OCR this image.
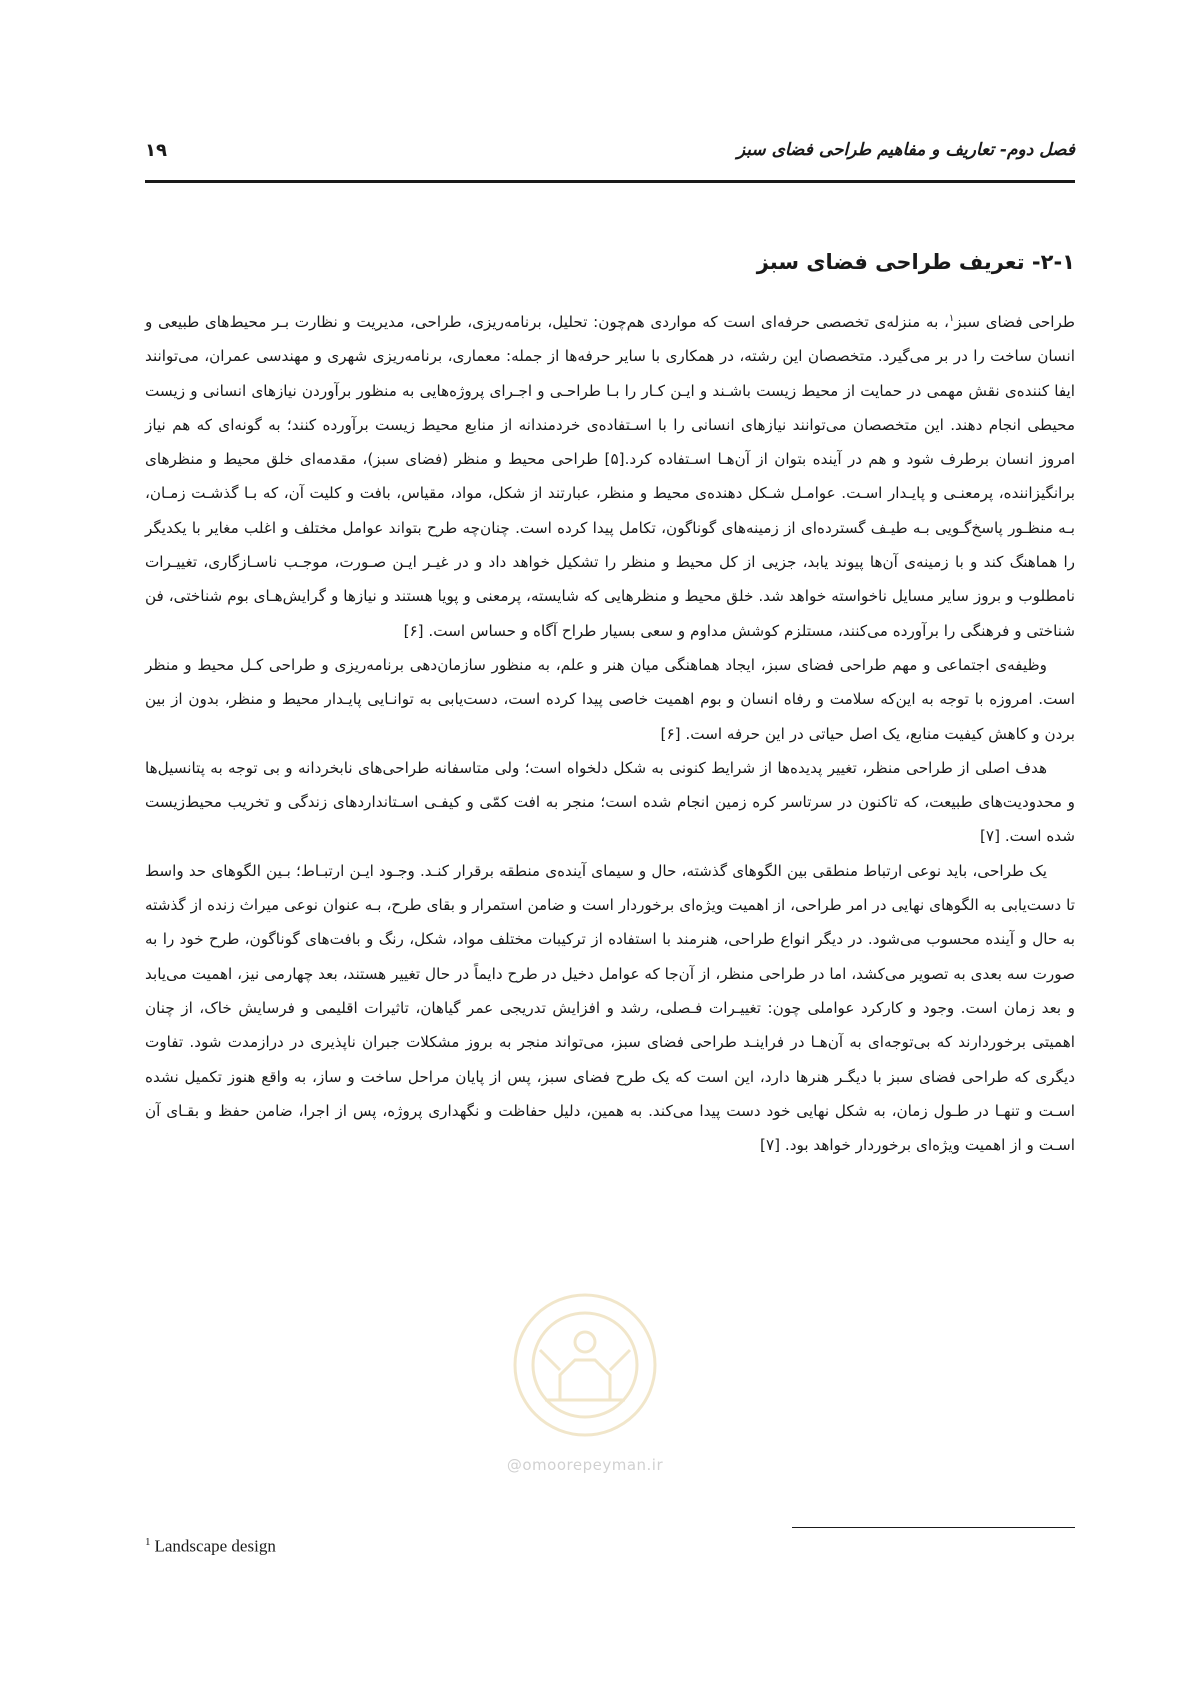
فصل دوم- تعاریف و مفاهیم طراحی فضای سبز
۱۹
۲-۱- تعریف طراحی فضای سبز

طراحی فضای سبز$^۱$، به منزله‌ی تخصصی حرفه‌ای است که مواردی هم‌چون: تحلیل، برنامه‌ریزی، طراحی، مدیریت و نظارت بـر محیط‌های طبیعی و انسان ساخت را در بر می‌گیرد. متخصصان این رشته، در همکاری با سایر حرفه‌ها از جمله: معماری، برنامه‌ریزی شهری و مهندسی عمران، می‌توانند ایفا کننده‌ی نقش مهمی در حمایت از محیط زیست باشـند و ایـن کـار را بـا طراحـی و اجـرای پروژه‌هایی به منظور برآوردن نیازهای انسانی و زیست محیطی انجام دهند. این متخصصان می‌توانند نیازهای انسانی را با اسـتفاده‌ی خردمندانه از منابع محیط زیست برآورده کنند؛ به گونه‌ای که هم نیاز امروز انسان برطرف شود و هم در آینده بتوان از آن‌هـا اسـتفاده کرد.[۵] طراحی محیط و منظر (فضای سبز)، مقدمه‌ای خلق محیط و منظرهای برانگیزاننده، پرمعنـی و پایـدار اسـت. عوامـل شـکل دهنده‌ی محیط و منظر، عبارتند از شکل، مواد، مقیاس، بافت و کلیت آن، که بـا گذشـت زمـان، بـه منظـور پاسخ‌گـویی بـه طیـف گسترده‌ای از زمینه‌های گوناگون، تکامل پیدا کرده است. چنان‌چه طرح بتواند عوامل مختلف و اغلب مغایر با یکدیگر را هماهنگ کند و با زمینه‌ی آن‌ها پیوند یابد، جزیی از کل محیط و منظر را تشکیل خواهد داد و در غیـر ایـن صـورت، موجـب ناسـازگاری، تغییـرات نامطلوب و بروز سایر مسایل ناخواسته خواهد شد. خلق محیط و منظرهایی که شایسته، پرمعنی و پویا هستند و نیازها و گرایش‌هـای بوم شناختی، فن شناختی و فرهنگی را برآورده می‌کنند، مستلزم کوشش مداوم و سعی بسیار طراح آگاه و حساس است. [۶]

وظیفه‌ی اجتماعی و مهم طراحی فضای سبز، ایجاد هماهنگی میان هنر و علم، به منظور سازمان‌دهی برنامه‌ریزی و طراحی کـل محیط و منظر است. امروزه با توجه به این‌که سلامت و رفاه انسان و بوم اهمیت خاصی پیدا کرده است، دست‌یابی به توانـایی پایـدار محیط و منظر، بدون از بین بردن و کاهش کیفیت منابع، یک اصل حیاتی در این حرفه است. [۶]

هدف اصلی از طراحی منظر، تغییر پدیده‌ها از شرایط کنونی به شکل دلخواه است؛ ولی متاسفانه طراحی‌های نابخردانه و بی توجه به پتانسیل‌ها و محدودیت‌های طبیعت، که تاکنون در سرتاسر کره زمین انجام شده است؛ منجر به افت کمّی و کیفـی اسـتانداردهای زندگی و تخریب محیط‌زیست شده است. [۷]

یک طراحی، باید نوعی ارتباط منطقی بین الگوهای گذشته، حال و سیمای آینده‌ی منطقه برقرار کنـد. وجـود ایـن ارتبـاط؛ بـین الگوهای حد واسط تا دست‌یابی به الگوهای نهایی در امر طراحی، از اهمیت ویژه‌ای برخوردار است و ضامن استمرار و بقای طرح، بـه عنوان نوعی میراث زنده از گذشته به حال و آینده محسوب می‌شود. در دیگر انواع طراحی، هنرمند با استفاده از ترکیبات مختلف مواد، شکل، رنگ و بافت‌های گوناگون، طرح خود را به صورت سه بعدی به تصویر می‌کشد، اما در طراحی منظر، از آن‌جا که عوامل دخیل در طرح دایماً در حال تغییر هستند، بعد چهارمی نیز، اهمیت می‌یابد و بعد زمان است. وجود و کارکرد عواملی چون: تغییـرات فـصلی، رشد و افزایش تدریجی عمر گیاهان، تاثیرات اقلیمی و فرسایش خاک، از چنان اهمیتی برخوردارند که بی‌توجه‌ای به آن‌هـا در فراینـد طراحی فضای سبز، می‌تواند منجر به بروز مشکلات جبران ناپذیری در درازمدت شود. تفاوت دیگری که طراحی فضای سبز با دیگـر هنرها دارد، این است که یک طرح فضای سبز، پس از پایان مراحل ساخت و ساز، به واقع هنوز تکمیل نشده اسـت و تنهـا در طـول زمان، به شکل نهایی خود دست پیدا می‌کند. به همین، دلیل حفاظت و نگهداری پروژه، پس از اجرا، ضامن حفظ و بقـای آن اسـت و از اهمیت ویژه‌ای برخوردار خواهد بود. [۷]

@omoorepeyman.ir
$^1$ Landscape design
